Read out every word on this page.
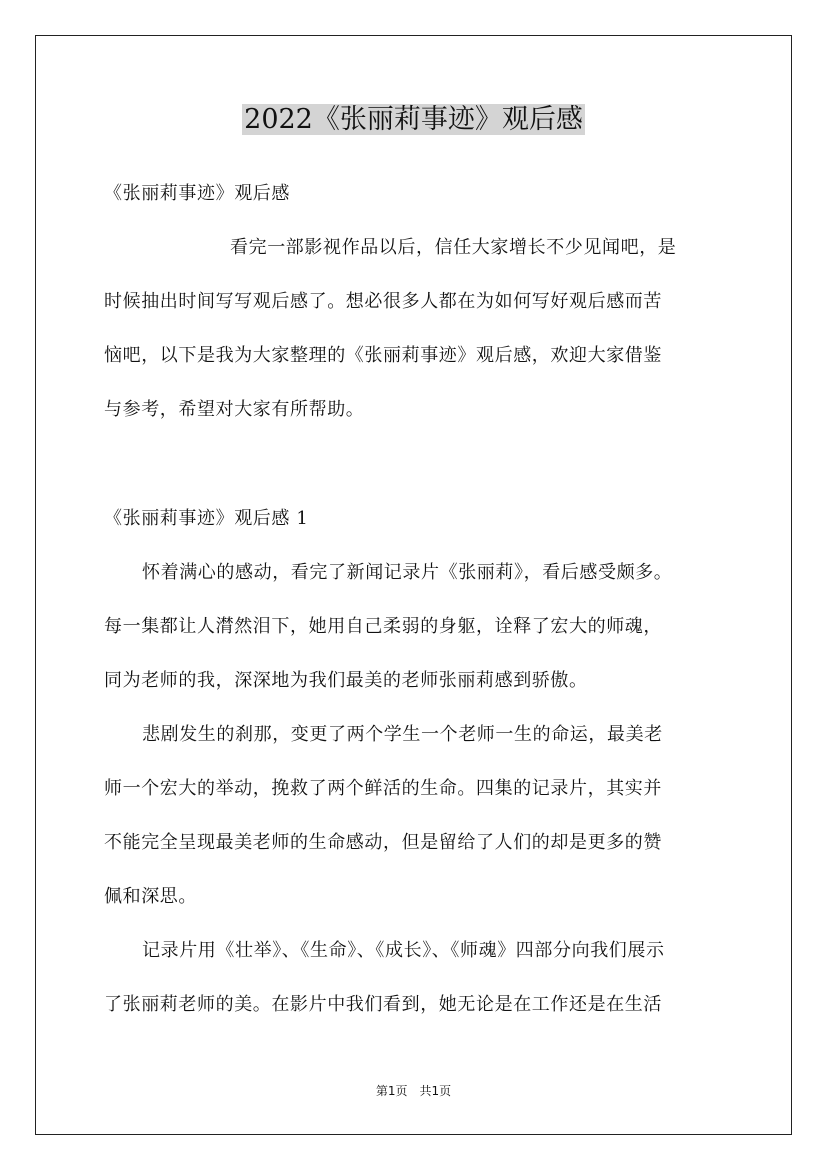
2022《张丽莉事迹》观后感
《张丽莉事迹》观后感
看完一部影视作品以后，信任大家增长不少见闻吧，是
时候抽出时间写写观后感了。想必很多人都在为如何写好观后感而苦
恼吧，以下是我为大家整理的《张丽莉事迹》观后感，欢迎大家借鉴
与参考，希望对大家有所帮助。
《张丽莉事迹》观后感 1
怀着满心的感动，看完了新闻记录片《张丽莉》，看后感受颇多。
每一集都让人潸然泪下，她用自己柔弱的身躯，诠释了宏大的师魂，
同为老师的我，深深地为我们最美的老师张丽莉感到骄傲。
悲剧发生的刹那，变更了两个学生一个老师一生的命运，最美老
师一个宏大的举动，挽救了两个鲜活的生命。四集的记录片，其实并
不能完全呈现最美老师的生命感动，但是留给了人们的却是更多的赞
佩和深思。
记录片用《壮举》、《生命》、《成长》、《师魂》四部分向我们展示
了张丽莉老师的美。在影片中我们看到，她无论是在工作还是在生活
第1页 共1页
